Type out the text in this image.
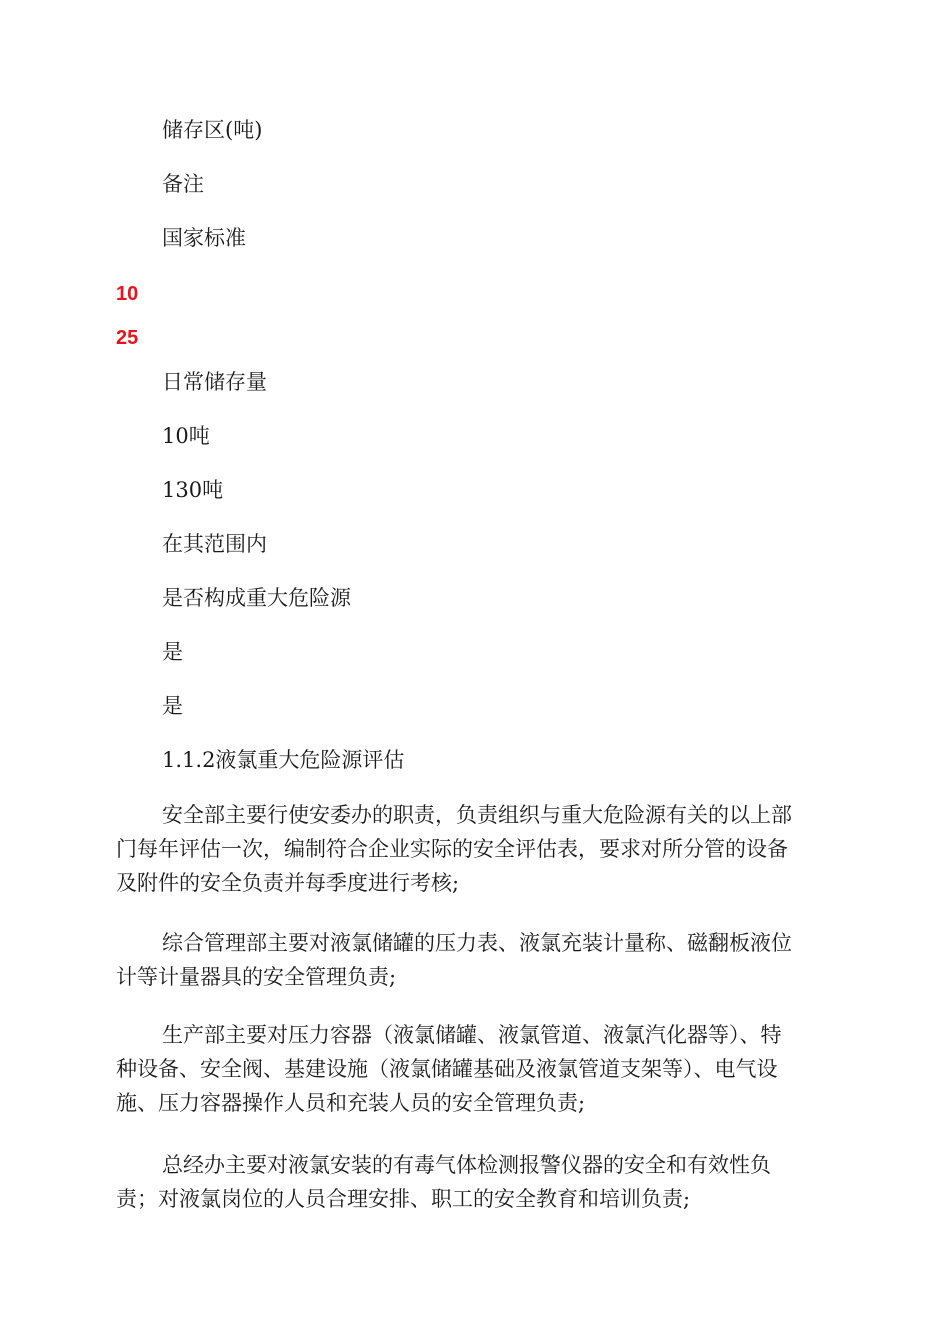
储存区(吨)
备注
国家标准
10
25
日常储存量
10吨
130吨
在其范围内
是否构成重大危险源
是
是
1.1.2液氯重大危险源评估
安全部主要行使安委办的职责，负责组织与重大危险源有关的以上部
门每年评估一次，编制符合企业实际的安全评估表，要求对所分管的设备
及附件的安全负责并每季度进行考核;
综合管理部主要对液氯储罐的压力表、液氯充装计量称、磁翻板液位
计等计量器具的安全管理负责;
生产部主要对压力容器（液氯储罐、液氯管道、液氯汽化器等）、特
种设备、安全阀、基建设施（液氯储罐基础及液氯管道支架等）、电气设
施、压力容器操作人员和充装人员的安全管理负责;
总经办主要对液氯安装的有毒气体检测报警仪器的安全和有效性负
责；对液氯岗位的人员合理安排、职工的安全教育和培训负责;
